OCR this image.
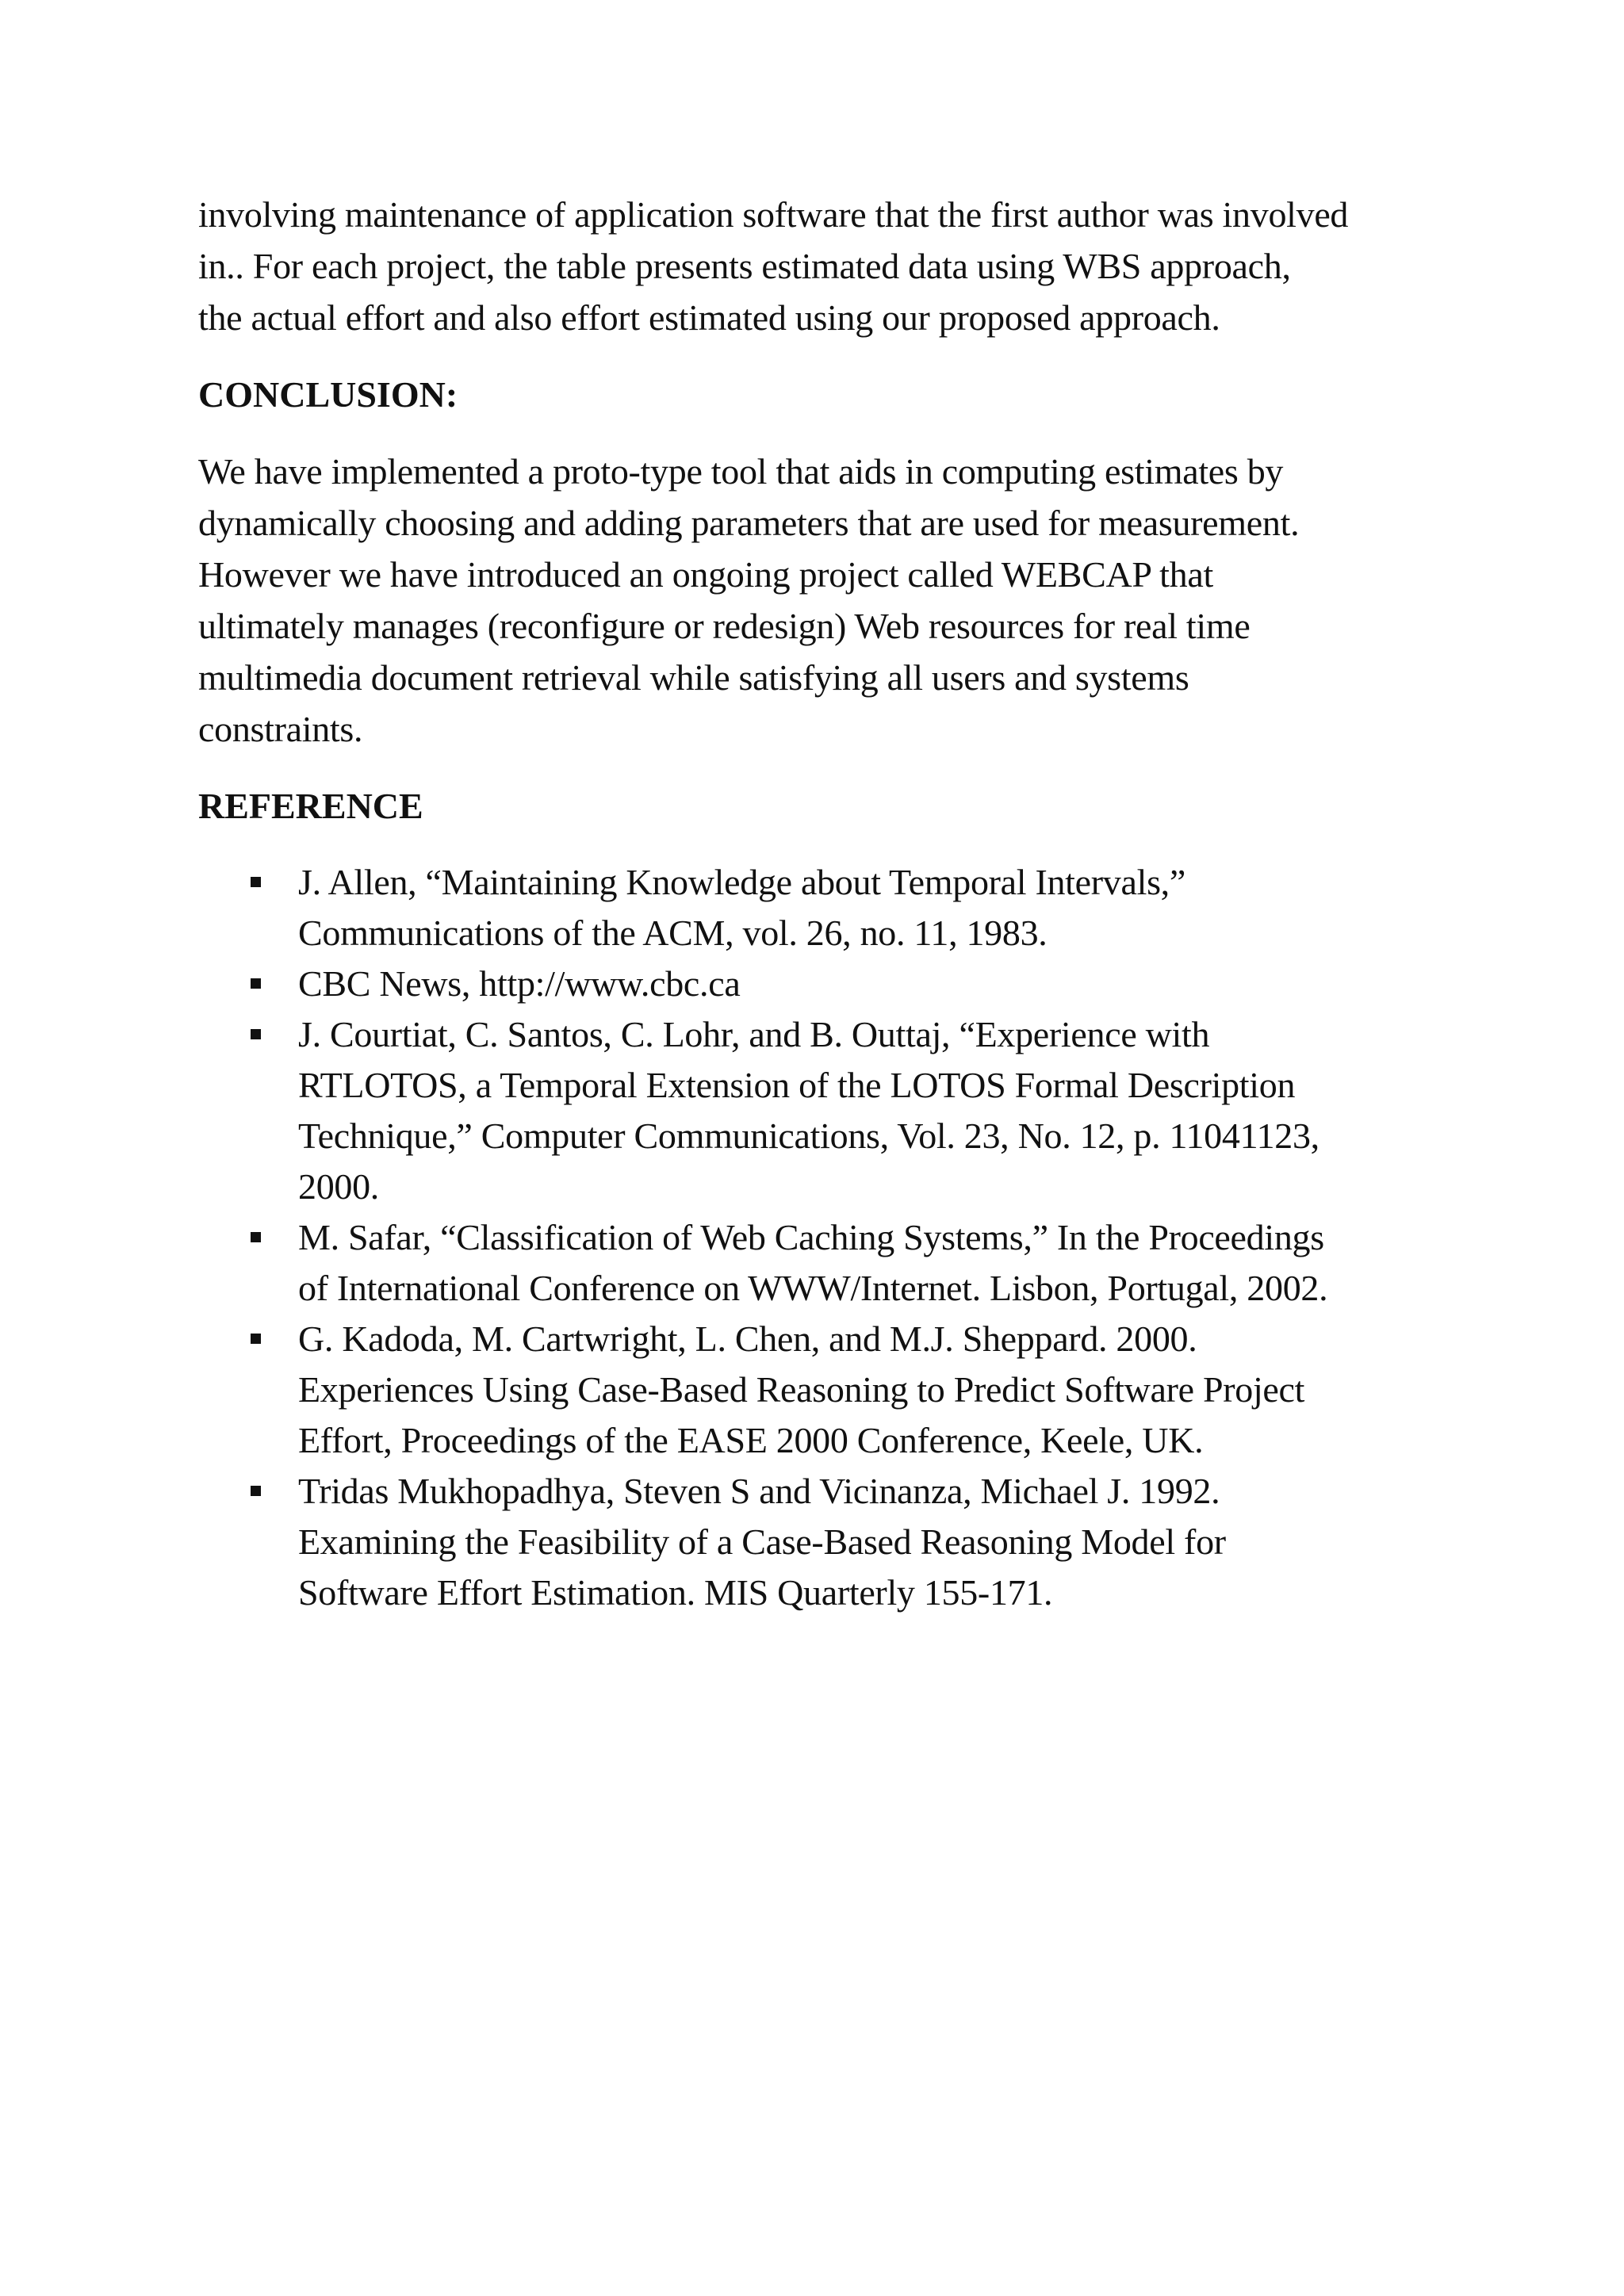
involving maintenance of application software that the first author was involved
in.. For each project, the table presents estimated data using WBS approach,
the actual effort and also effort estimated using our proposed approach.
CONCLUSION:
We have implemented a proto-type tool that aids in computing estimates by
dynamically choosing and adding parameters that are used for measurement.
However we have introduced an ongoing project called WEBCAP that
ultimately manages (reconfigure or redesign) Web resources for real time
multimedia document retrieval while satisfying all users and systems
constraints.
REFERENCE
J. Allen, “Maintaining Knowledge about Temporal Intervals,”
Communications of the ACM, vol. 26, no. 11, 1983.
CBC News, http://www.cbc.ca
J. Courtiat, C. Santos, C. Lohr, and B. Outtaj, “Experience with
RTLOTOS, a Temporal Extension of the LOTOS Formal Description
Technique,” Computer Communications, Vol. 23, No. 12, p. 11041123,
2000.
M. Safar, “Classification of Web Caching Systems,” In the Proceedings
of International Conference on WWW/Internet. Lisbon, Portugal, 2002.
G. Kadoda, M. Cartwright, L. Chen, and M.J. Sheppard. 2000.
Experiences Using Case-Based Reasoning to Predict Software Project
Effort, Proceedings of the EASE 2000 Conference, Keele, UK.
Tridas Mukhopadhya, Steven S and Vicinanza, Michael J. 1992.
Examining the Feasibility of a Case-Based Reasoning Model for
Software Effort Estimation. MIS Quarterly 155-171.
